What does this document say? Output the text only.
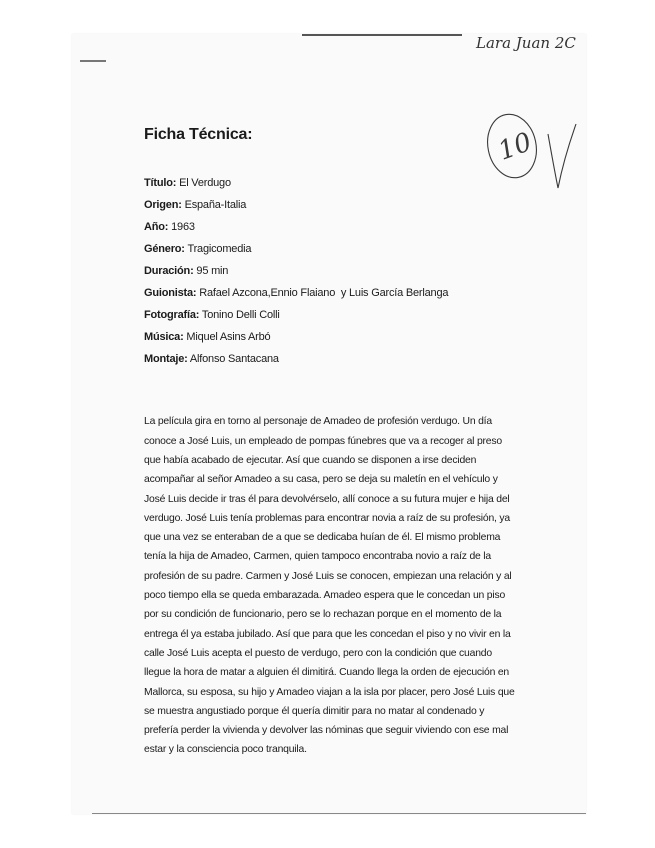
Lara Juan 2C
10
Ficha Técnica:
Título: El Verdugo
Origen: España-Italia
Año: 1963
Género: Tragicomedia
Duración: 95 min
Guionista: Rafael Azcona,Ennio Flaiano  y Luis García Berlanga
Fotografía: Tonino Delli Colli
Música: Miquel Asins Arbó
Montaje: Alfonso Santacana

La película gira en torno al personaje de Amadeo de profesión verdugo. Un día conoce a José Luis, un empleado de pompas fúnebres que va a recoger al preso que había acabado de ejecutar. Así que cuando se disponen a irse deciden acompañar al señor Amadeo a su casa, pero se deja su maletín en el vehículo y José Luis decide ir tras él para devolvérselo, allí conoce a su futura mujer e hija del verdugo. José Luis tenía problemas para encontrar novia a raíz de su profesión, ya que una vez se enteraban de a que se dedicaba huían de él. El mismo problema tenía la hija de Amadeo, Carmen, quien tampoco encontraba novio a raíz de la profesión de su padre. Carmen y José Luis se conocen, empiezan una relación y al poco tiempo ella se queda embarazada. Amadeo espera que le concedan un piso por su condición de funcionario, pero se lo rechazan porque en el momento de la entrega él ya estaba jubilado. Así que para que les concedan el piso y no vivir en la calle José Luis acepta el puesto de verdugo, pero con la condición que cuando llegue la hora de matar a alguien él dimitirá. Cuando llega la orden de ejecución en Mallorca, su esposa, su hijo y Amadeo viajan a la isla por placer, pero José Luis que se muestra angustiado porque él quería dimitir para no matar al condenado y prefería perder la vivienda y devolver las nóminas que seguir viviendo con ese mal estar y la consciencia poco tranquila.
